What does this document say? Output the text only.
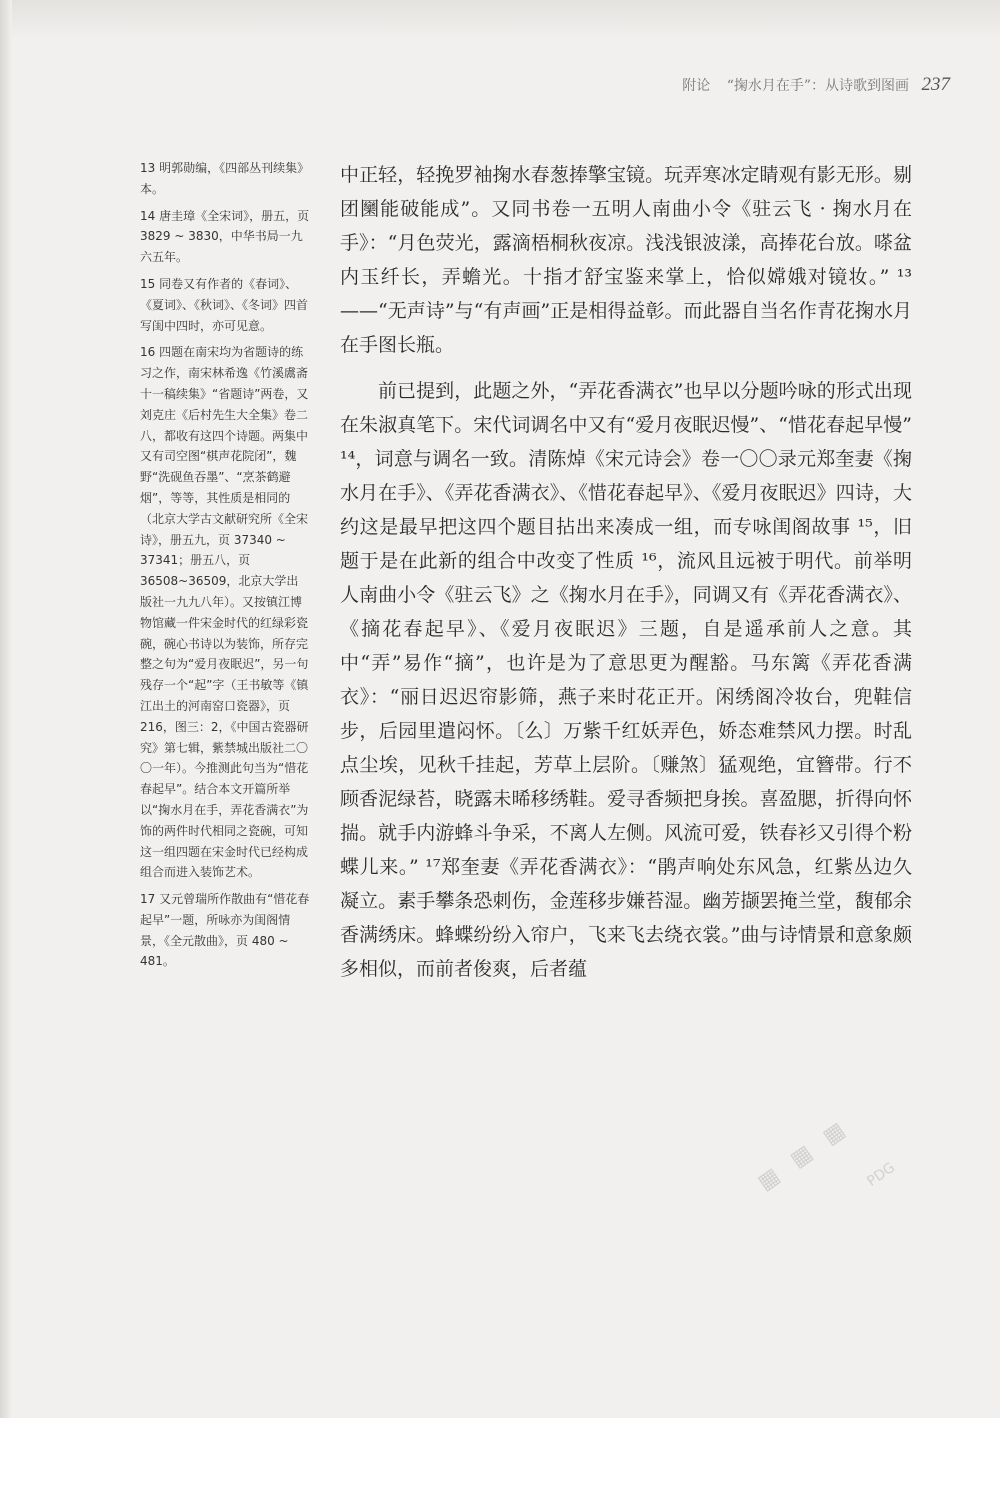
附论 “掬水月在手”：从诗歌到图画 237

13 明郭勋编，《四部丛刊续集》本。

14 唐圭璋《全宋词》，册五，页 3829 ~ 3830，中华书局一九六五年。

15 同卷又有作者的《春词》、《夏词》、《秋词》、《冬词》四首写闺中四时，亦可见意。

16 四题在南宋均为省题诗的练习之作，南宋林希逸《竹溪鬳斋十一稿续集》“省题诗”两卷，又刘克庄《后村先生大全集》卷二八，都收有这四个诗题。两集中又有司空图“棋声花院闭”，魏野“洗砚鱼吞墨”、“烹茶鹤避烟”，等等，其性质是相同的（北京大学古文献研究所《全宋诗》，册五九，页 37340 ~ 37341；册五八，页 36508~36509，北京大学出版社一九九八年）。又按镇江博物馆藏一件宋金时代的红绿彩瓷碗，碗心书诗以为装饰，所存完整之句为“爱月夜眠迟”，另一句残存一个“起”字（王书敏等《镇江出土的河南窑口瓷器》，页 216，图三：2，《中国古瓷器研究》第七辑，紫禁城出版社二〇〇一年）。今推测此句当为“惜花春起早”。结合本文开篇所举以“掬水月在手，弄花香满衣”为饰的两件时代相同之瓷碗，可知这一组四题在宋金时代已经构成组合而进入装饰艺术。

17 又元曾瑞所作散曲有“惜花春起早”一题，所咏亦为闺阁情景，《全元散曲》，页 480 ~ 481。

中正轻，轻挽罗袖掬水春葱捧擎宝镜。玩弄寒冰定睛观有影无形。剔团圞能破能成”。又同书卷一五明人南曲小令《驻云飞 · 掬水月在手》：“月色荧光，露滴梧桐秋夜凉。浅浅银波漾，高捧花台放。嗏盆内玉纤长，弄蟾光。十指才舒宝鉴来掌上，恰似嫦娥对镜妆。” ¹³——“无声诗”与“有声画”正是相得益彰。而此器自当名作青花掬水月在手图长瓶。

前已提到，此题之外，“弄花香满衣”也早以分题吟咏的形式出现在朱淑真笔下。宋代词调名中又有“爱月夜眠迟慢”、“惜花春起早慢” ¹⁴，词意与调名一致。清陈焯《宋元诗会》卷一〇〇录元郑奎妻《掬水月在手》、《弄花香满衣》、《惜花春起早》、《爱月夜眠迟》四诗，大约这是最早把这四个题目拈出来凑成一组，而专咏闺阁故事 ¹⁵，旧题于是在此新的组合中改变了性质 ¹⁶，流风且远被于明代。前举明人南曲小令《驻云飞》之《掬水月在手》，同调又有《弄花香满衣》、《摘花春起早》、《爱月夜眠迟》三题，自是遥承前人之意。其中“弄”易作“摘”，也许是为了意思更为醒豁。马东篱《弄花香满衣》：“丽日迟迟帘影筛，燕子来时花正开。闲绣阁冷妆台，兜鞋信步，后园里遣闷怀。〔么〕万紫千红妖弄色，娇态难禁风力摆。时乱点尘埃，见秋千挂起，芳草上层阶。〔赚煞〕猛观绝，宜簪带。行不顾香泥绿苔，晓露未晞移绣鞋。爱寻香频把身挨。喜盈腮，折得向怀揣。就手内游蜂斗争采，不离人左侧。风流可爱，铁春衫又引得个粉蝶儿来。” ¹⁷郑奎妻《弄花香满衣》：“鹃声响处东风急，红紫丛边久凝立。素手攀条恐刺伤，金莲移步嫌苔湿。幽芳撷罢掩兰堂，馥郁余香满绣床。蜂蝶纷纷入帘户，飞来飞去绕衣裳。”曲与诗情景和意象颇多相似，而前者俊爽，后者蕴

▦ ▦ ▦ PDG
